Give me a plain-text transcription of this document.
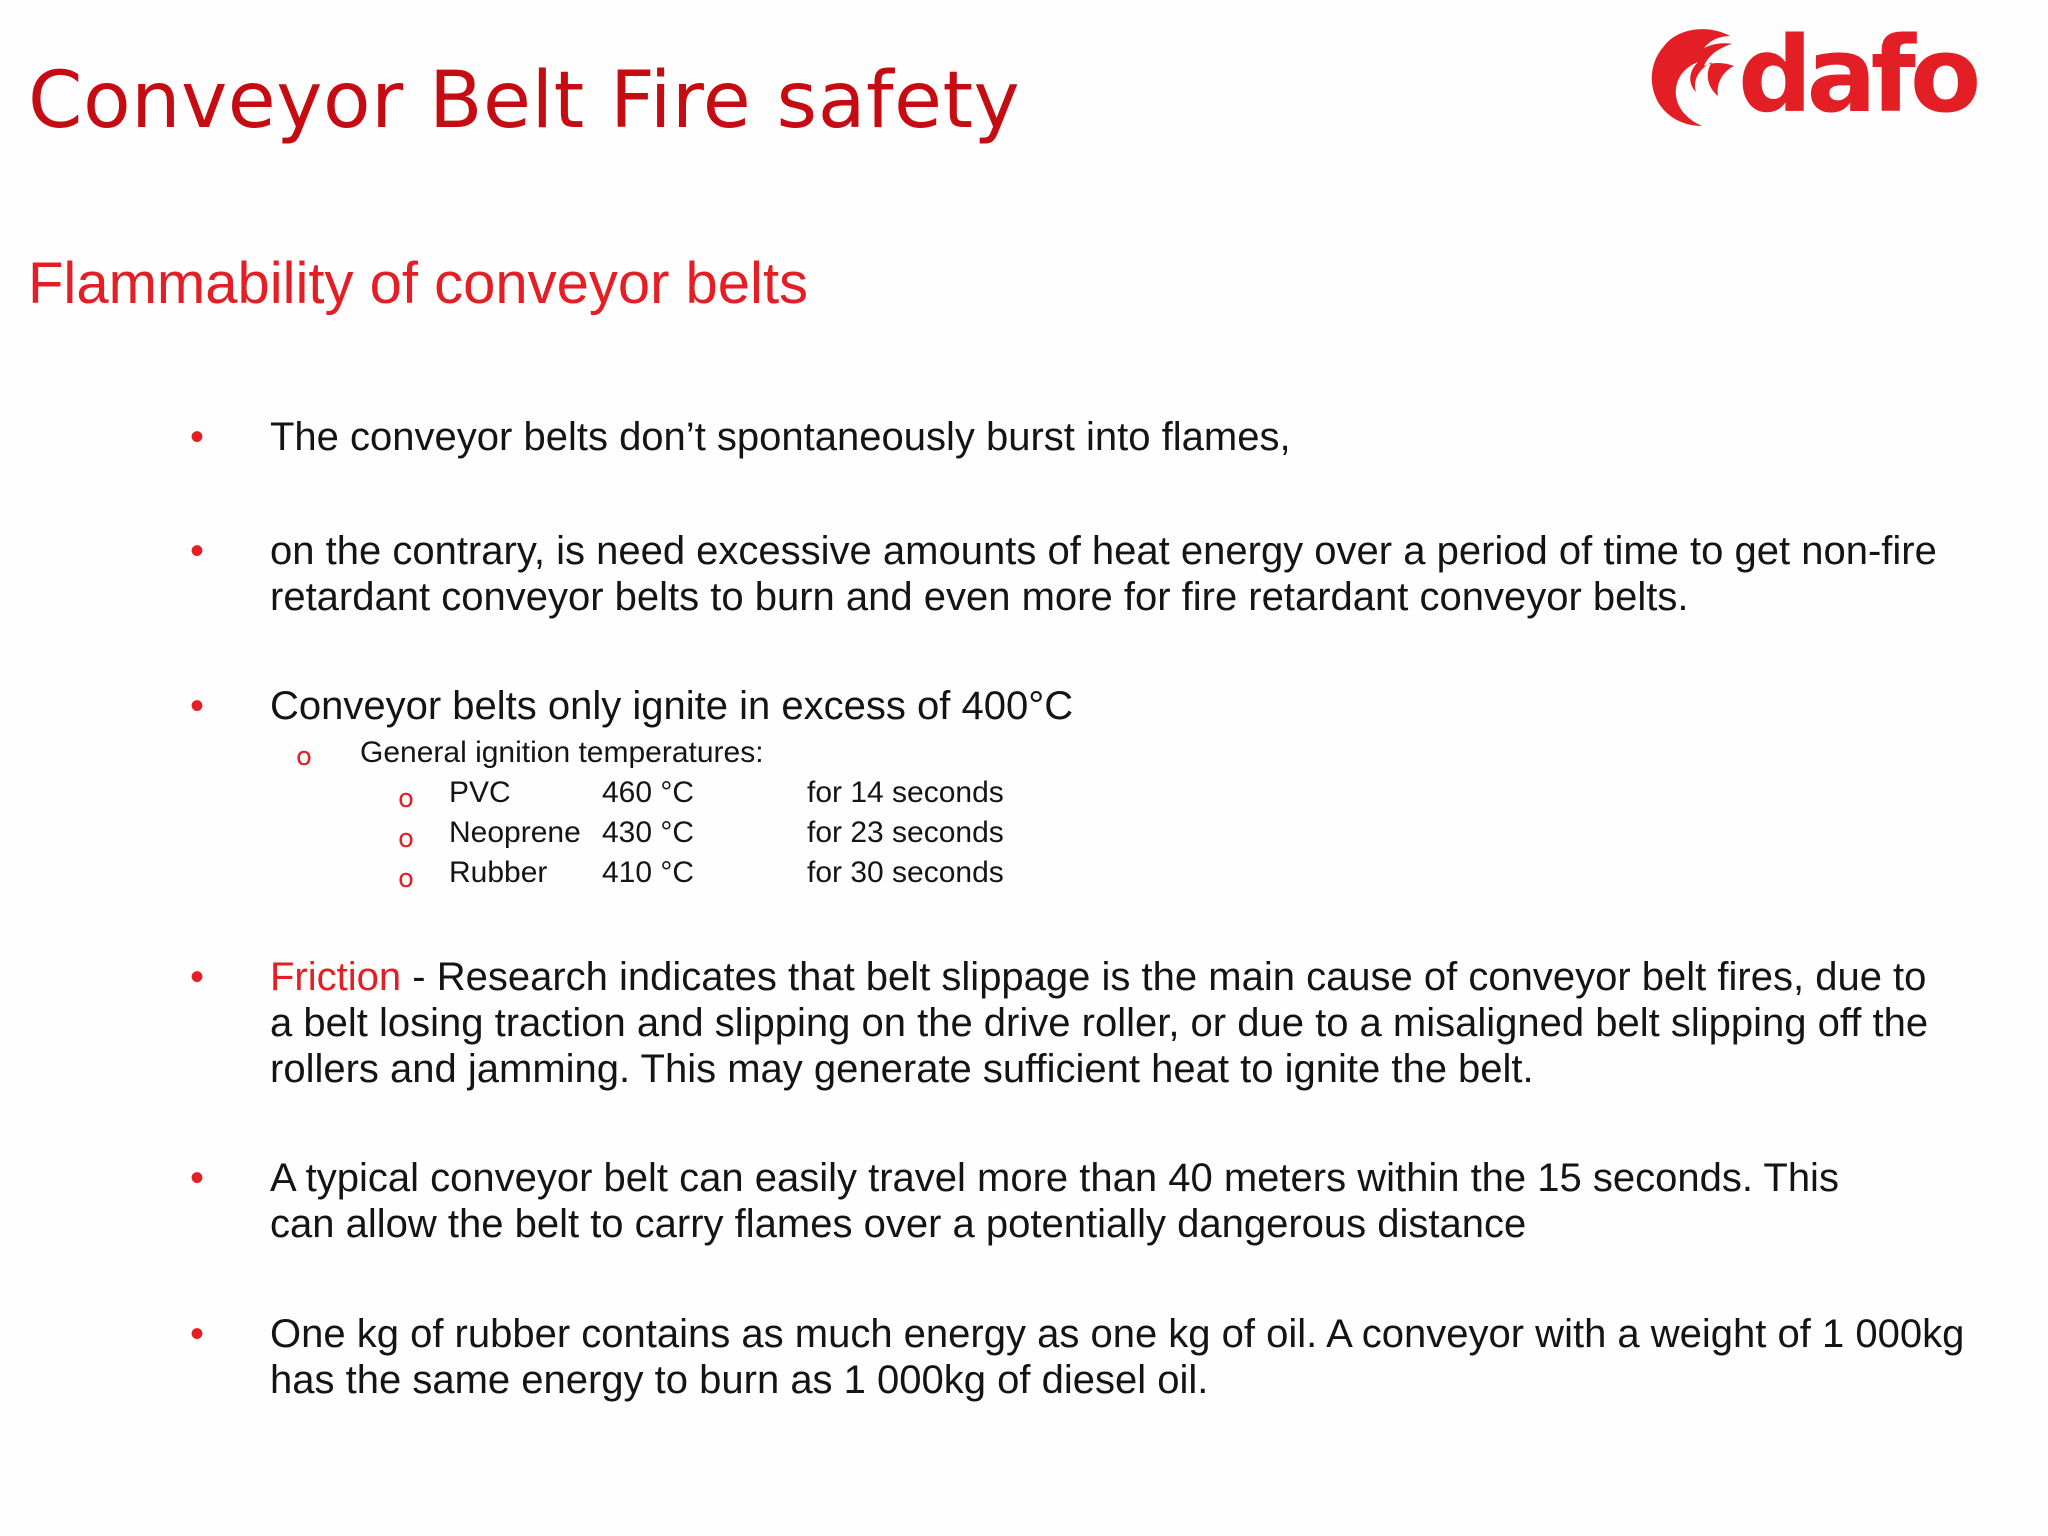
Conveyor Belt Fire safety	dafo
Flammability of conveyor belts
• The conveyor belts don’t spontaneously burst into flames,
• on the contrary, is need excessive amounts of heat energy over a period of time to get non-fire retardant conveyor belts to burn and even more for fire retardant conveyor belts.
• Conveyor belts only ignite in excess of 400°C
o General ignition temperatures:
o PVC	460 °C	for 14 seconds
o Neoprene 430 °C	for 23 seconds
o Rubber 410 °C	for 30 seconds
• Friction - Research indicates that belt slippage is the main cause of conveyor belt fires, due to a belt losing traction and slipping on the drive roller, or due to a misaligned belt slipping off the rollers and jamming. This may generate sufficient heat to ignite the belt.
• A typical conveyor belt can easily travel more than 40 meters within the 15 seconds. This can allow the belt to carry flames over a potentially dangerous distance
• One kg of rubber contains as much energy as one kg of oil. A conveyor with a weight of 1 000kg has the same energy to burn as 1 000kg of diesel oil.
